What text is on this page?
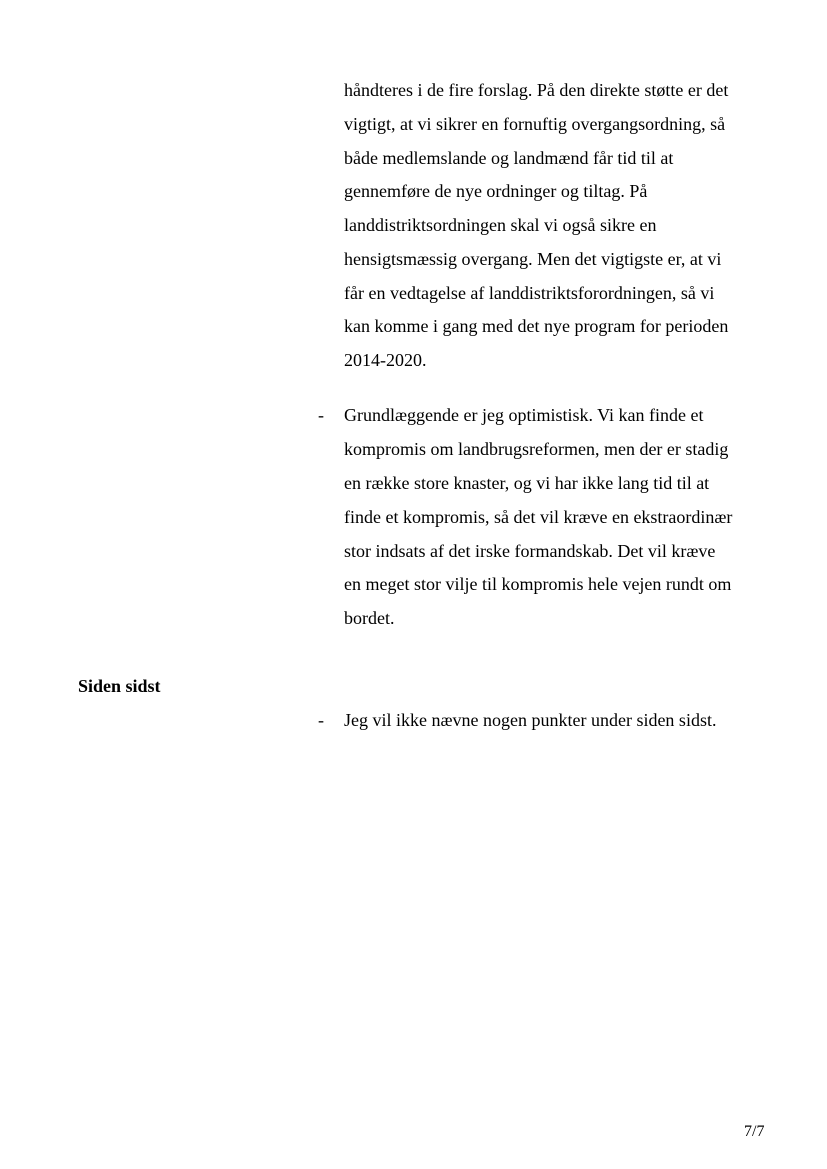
håndteres i de fire forslag. På den direkte støtte er det
vigtigt, at vi sikrer en fornuftig overgangsordning, så
både medlemslande og landmænd får tid til at
gennemføre de nye ordninger og tiltag. På
landdistriktsordningen skal vi også sikre en
hensigtsmæssig overgang. Men det vigtigste er, at vi
får en vedtagelse af landdistriktsforordningen, så vi
kan komme i gang med det nye program for perioden
2014-2020.
- Grundlæggende er jeg optimistisk. Vi kan finde et
kompromis om landbrugsreformen, men der er stadig
en række store knaster, og vi har ikke lang tid til at
finde et kompromis, så det vil kræve en ekstraordinær
stor indsats af det irske formandskab. Det vil kræve
en meget stor vilje til kompromis hele vejen rundt om
bordet.
Siden sidst
- Jeg vil ikke nævne nogen punkter under siden sidst.
7/7
